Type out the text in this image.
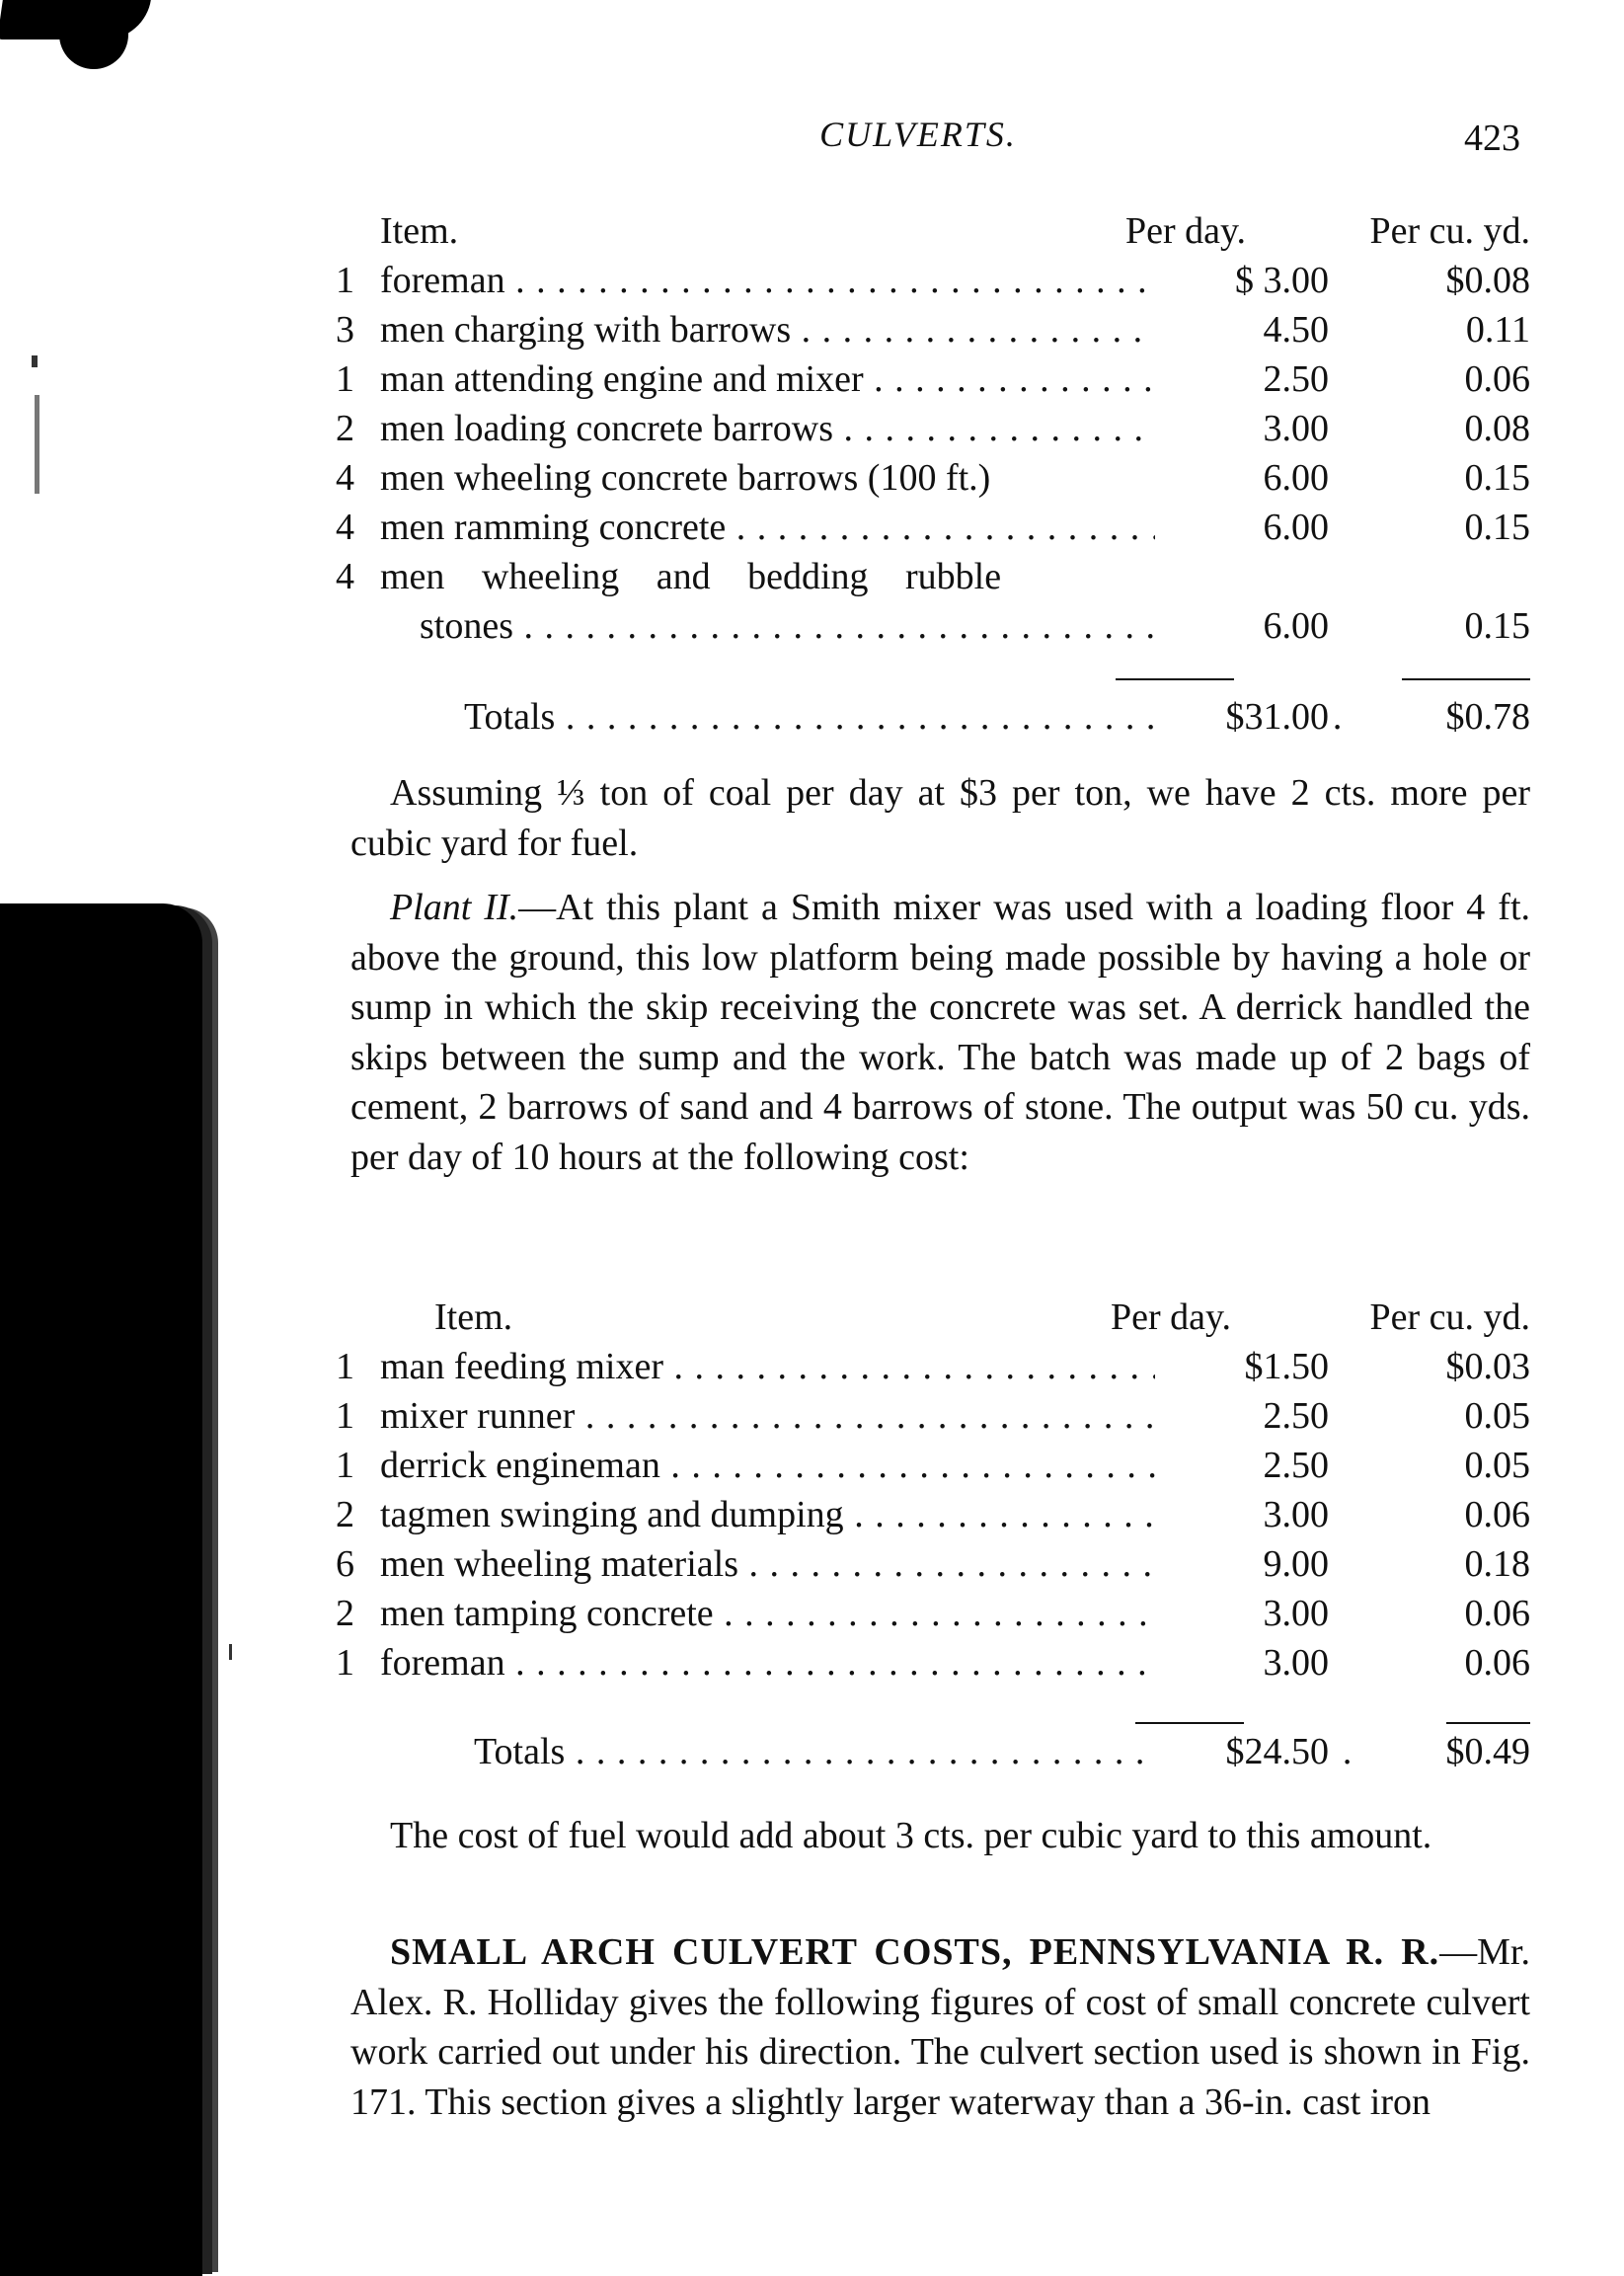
CULVERTS.	423
Item.	Per day.	Per cu. yd.
1 foreman . . .	$ 3.00	$0.08
3 men charging with barrows . . .	4.50	0.11
1 man attending engine and mixer . . .	2.50	0.06
2 men loading concrete barrows . . .	3.00	0.08
4 men wheeling concrete barrows (100 ft.)	6.00	0.15
4 men ramming concrete . . .	6.00	0.15
4 men wheeling and bedding rubble
stones . . .	6.00	0.15
Totals . . .	$31.00	$0.78
Assuming ⅓ ton of coal per day at $3 per ton, we have 2 cts. more per cubic yard for fuel.
Plant II.—At this plant a Smith mixer was used with a loading floor 4 ft. above the ground, this low platform being made possible by having a hole or sump in which the skip receiving the concrete was set. A derrick handled the skips between the sump and the work. The batch was made up of 2 bags of cement, 2 barrows of sand and 4 barrows of stone. The output was 50 cu. yds. per day of 10 hours at the following cost:
Item.	Per day.	Per cu. yd.
1 man feeding mixer . . .	$1.50	$0.03
1 mixer runner . . .	2.50	0.05
1 derrick engineman . . .	2.50	0.05
2 tagmen swinging and dumping . . .	3.00	0.06
6 men wheeling materials . . .	9.00	0.18
2 men tamping concrete . . .	3.00	0.06
1 foreman . . .	3.00	0.06
Totals . . .	$24.50	$0.49
The cost of fuel would add about 3 cts. per cubic yard to this amount.
SMALL ARCH CULVERT COSTS, PENNSYLVANIA R. R.—Mr. Alex. R. Holliday gives the following figures of cost of small concrete culvert work carried out under his direction. The culvert section used is shown in Fig. 171. This section gives a slightly larger waterway than a 36-in. cast iron
